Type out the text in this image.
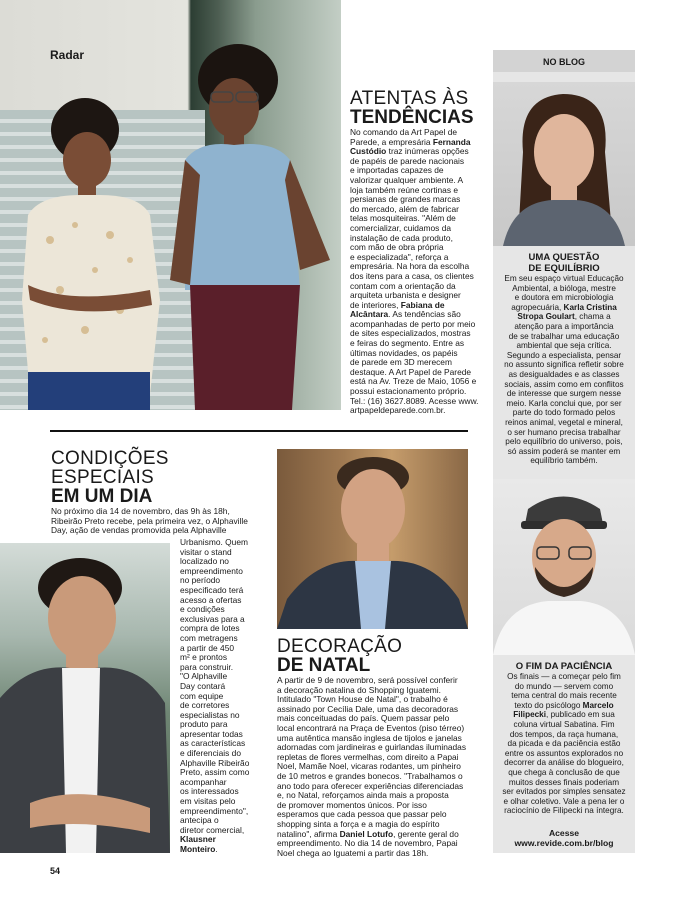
Radar
ATENTAS ÀS
TENDÊNCIAS
No comando da Art Papel de
Parede, a empresária Fernanda
Custódio traz inúmeras opções
de papéis de parede nacionais
e importadas capazes de
valorizar qualquer ambiente. A
loja também reúne cortinas e
persianas de grandes marcas
do mercado, além de fabricar
telas mosquiteiras. "Além de
comercializar, cuidamos da
instalação de cada produto,
com mão de obra própria
e especializada", reforça a
empresária. Na hora da escolha
dos itens para a casa, os clientes
contam com a orientação da
arquiteta urbanista e designer
de interiores, Fabiana de
Alcântara. As tendências são
acompanhadas de perto por meio
de sites especializados, mostras
e feiras do segmento. Entre as
últimas novidades, os papéis
de parede em 3D merecem
destaque. A Art Papel de Parede
está na Av. Treze de Maio, 1056 e
possui estacionamento próprio.
Tel.: (16) 3627.8089. Acesse www.
artpapeldeparede.com.br.
CONDIÇÕES
ESPECIAIS
EM UM DIA
No próximo dia 14 de novembro, das 9h às 18h,
Ribeirão Preto recebe, pela primeira vez, o Alphaville
Day, ação de vendas promovida pela Alphaville
Urbanismo. Quem
visitar o stand
localizado no
empreendimento
no período
especificado terá
acesso a ofertas
e condições
exclusivas para a
compra de lotes
com metragens
a partir de 450
m² e prontos
para construir.
"O Alphaville
Day contará
com equipe
de corretores
especialistas no
produto para
apresentar todas
as características
e diferenciais do
Alphaville Ribeirão
Preto, assim como
acompanhar
os interessados
em visitas pelo
empreendimento",
antecipa o
diretor comercial,
Klausner
Monteiro.
DECORAÇÃO
DE NATAL
A partir de 9 de novembro, será possível conferir
a decoração natalina do Shopping Iguatemi.
Intitulado "Town House de Natal", o trabalho é
assinado por Cecília Dale, uma das decoradoras
mais conceituadas do país. Quem passar pelo
local encontrará na Praça de Eventos (piso térreo)
uma autêntica mansão inglesa de tijolos e janelas
adornadas com jardineiras e guirlandas iluminadas
repletas de flores vermelhas, com direito a Papai
Noel, Mamãe Noel, vicaras rodantes, um pinheiro
de 10 metros e grandes bonecos. "Trabalhamos o
ano todo para oferecer experiências diferenciadas
e, no Natal, reforçamos ainda mais a proposta
de promover momentos únicos. Por isso
esperamos que cada pessoa que passar pelo
shopping sinta a força e a magia do espírito
natalino", afirma Daniel Lotufo, gerente geral do
empreendimento. No dia 14 de novembro, Papai
Noel chega ao Iguatemi a partir das 18h.
NO BLOG
UMA QUESTÃO
DE EQUILÍBRIO
Em seu espaço virtual Educação
Ambiental, a bióloga, mestre
e doutora em microbiologia
agropecuária, Karla Cristina
Stropa Goulart, chama a
atenção para a importância
de se trabalhar uma educação
ambiental que seja crítica.
Segundo a especialista, pensar
no assunto significa refletir sobre
as desigualdades e as classes
sociais, assim como em conflitos
de interesse que surgem nesse
meio. Karla conclui que, por ser
parte do todo formado pelos
reinos animal, vegetal e mineral,
o ser humano precisa trabalhar
pelo equilíbrio do universo, pois,
só assim poderá se manter em
equilíbrio também.
O FIM DA PACIÊNCIA
Os finais — a começar pelo fim
do mundo — servem como
tema central do mais recente
texto do psicólogo Marcelo
Filipecki, publicado em sua
coluna virtual Sabatina. Fim
dos tempos, da raça humana,
da picada e da paciência estão
entre os assuntos explorados no
decorrer da análise do blogueiro,
que chega à conclusão de que
muitos desses finais poderiam
ser evitados por simples sensatez
e olhar coletivo. Vale a pena ler o
raciocínio de Filipecki na íntegra.
Acesse
www.revide.com.br/blog
54
